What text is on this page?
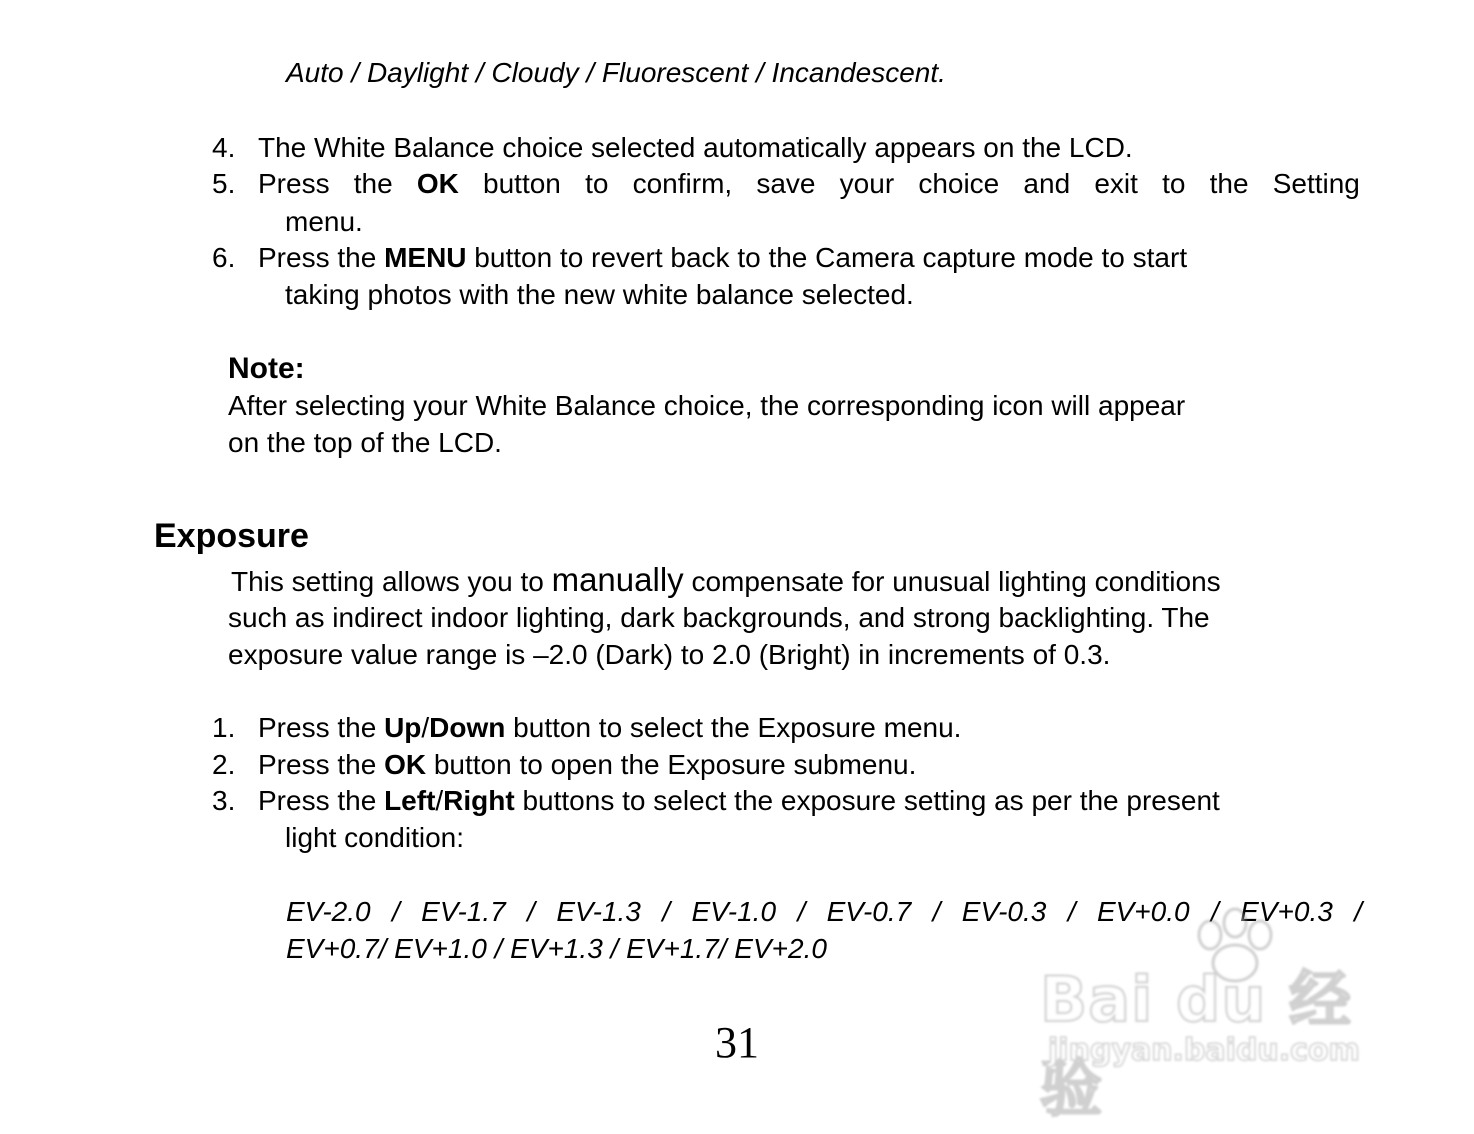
Auto / Daylight / Cloudy / Fluorescent / Incandescent.
4. The White Balance choice selected automatically appears on the LCD.
5. Press the OK button to confirm, save your choice and exit to the Setting
menu.
6. Press the MENU button to revert back to the Camera capture mode to start
taking photos with the new white balance selected.
Note:
After selecting your White Balance choice, the corresponding icon will appear
on the top of the LCD.
Exposure
This setting allows you to manually compensate for unusual lighting conditions
such as indirect indoor lighting, dark backgrounds, and strong backlighting. The
exposure value range is –2.0 (Dark) to 2.0 (Bright) in increments of 0.3.
1. Press the Up/Down button to select the Exposure menu.
2. Press the OK button to open the Exposure submenu.
3. Press the Left/Right buttons to select the exposure setting as per the present
light condition:
EV-2.0 / EV-1.7 / EV-1.3 / EV-1.0 / EV-0.7 / EV-0.3 / EV+0.0 / EV+0.3 /
EV+0.7/ EV+1.0 / EV+1.3 / EV+1.7/ EV+2.0
31
Bai du 经验
jingyan.baidu.com
